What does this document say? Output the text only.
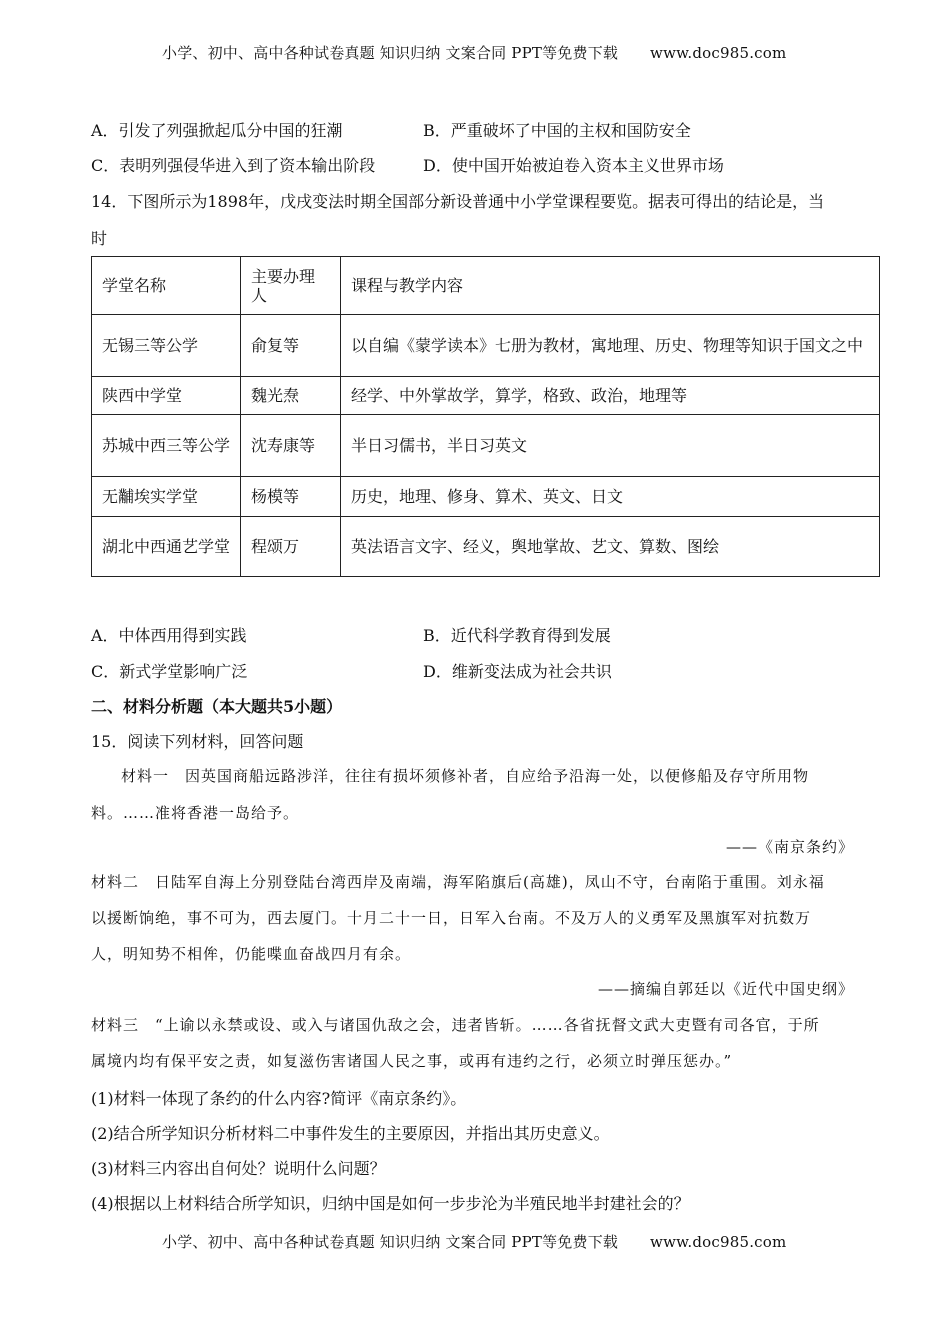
小学、初中、高中各种试卷真题 知识归纳 文案合同 PPT等免费下载 www.doc985.com
A．引发了列强掀起瓜分中国的狂潮	B．严重破坏了中国的主权和国防安全
C．表明列强侵华进入到了资本输出阶段	D．使中国开始被迫卷入资本主义世界市场
14．下图所示为1898年，戊戌变法时期全国部分新设普通中小学堂课程要览。据表可得出的结论是，当
时
学堂名称	主要办理人	课程与教学内容
无锡三等公学	俞复等	以自编《蒙学读本》七册为教材，寓地理、历史、物理等知识于国文之中
陕西中学堂	魏光焘	经学、中外掌故学，算学，格致、政治，地理等
苏城中西三等公学	沈寿康等	半日习儒书，半日习英文
无黼埃实学堂	杨模等	历史，地理、修身、算术、英文、日文
湖北中西通艺学堂	程颂万	英法语言文字、经义，舆地掌故、艺文、算数、图绘
A．中体西用得到实践	B．近代科学教育得到发展
C．新式学堂影响广泛	D．维新变法成为社会共识
二、材料分析题（本大题共5小题）
15．阅读下列材料，回答问题
材料一　因英国商船远路涉洋，往往有损坏须修补者，自应给予沿海一处，以便修船及存守所用物
料。……准将香港一岛给予。
——《南京条约》
材料二　日陆军自海上分别登陆台湾西岸及南端，海军陷旗后(高雄)，凤山不守，台南陷于重围。刘永福
以援断饷绝，事不可为，西去厦门。十月二十一日，日军入台南。不及万人的义勇军及黑旗军对抗数万
人，明知势不相侔，仍能喋血奋战四月有余。
——摘编自郭廷以《近代中国史纲》
材料三　“上谕以永禁或设、或入与诸国仇敌之会，违者皆斩。……各省抚督文武大吏暨有司各官，于所
属境内均有保平安之责，如复滋伤害诸国人民之事，或再有违约之行，必须立时弹压惩办。”
(1)材料一体现了条约的什么内容?简评《南京条约》。
(2)结合所学知识分析材料二中事件发生的主要原因，并指出其历史意义。
(3)材料三内容出自何处？说明什么问题？
(4)根据以上材料结合所学知识，归纳中国是如何一步步沦为半殖民地半封建社会的？
小学、初中、高中各种试卷真题 知识归纳 文案合同 PPT等免费下载 www.doc985.com
